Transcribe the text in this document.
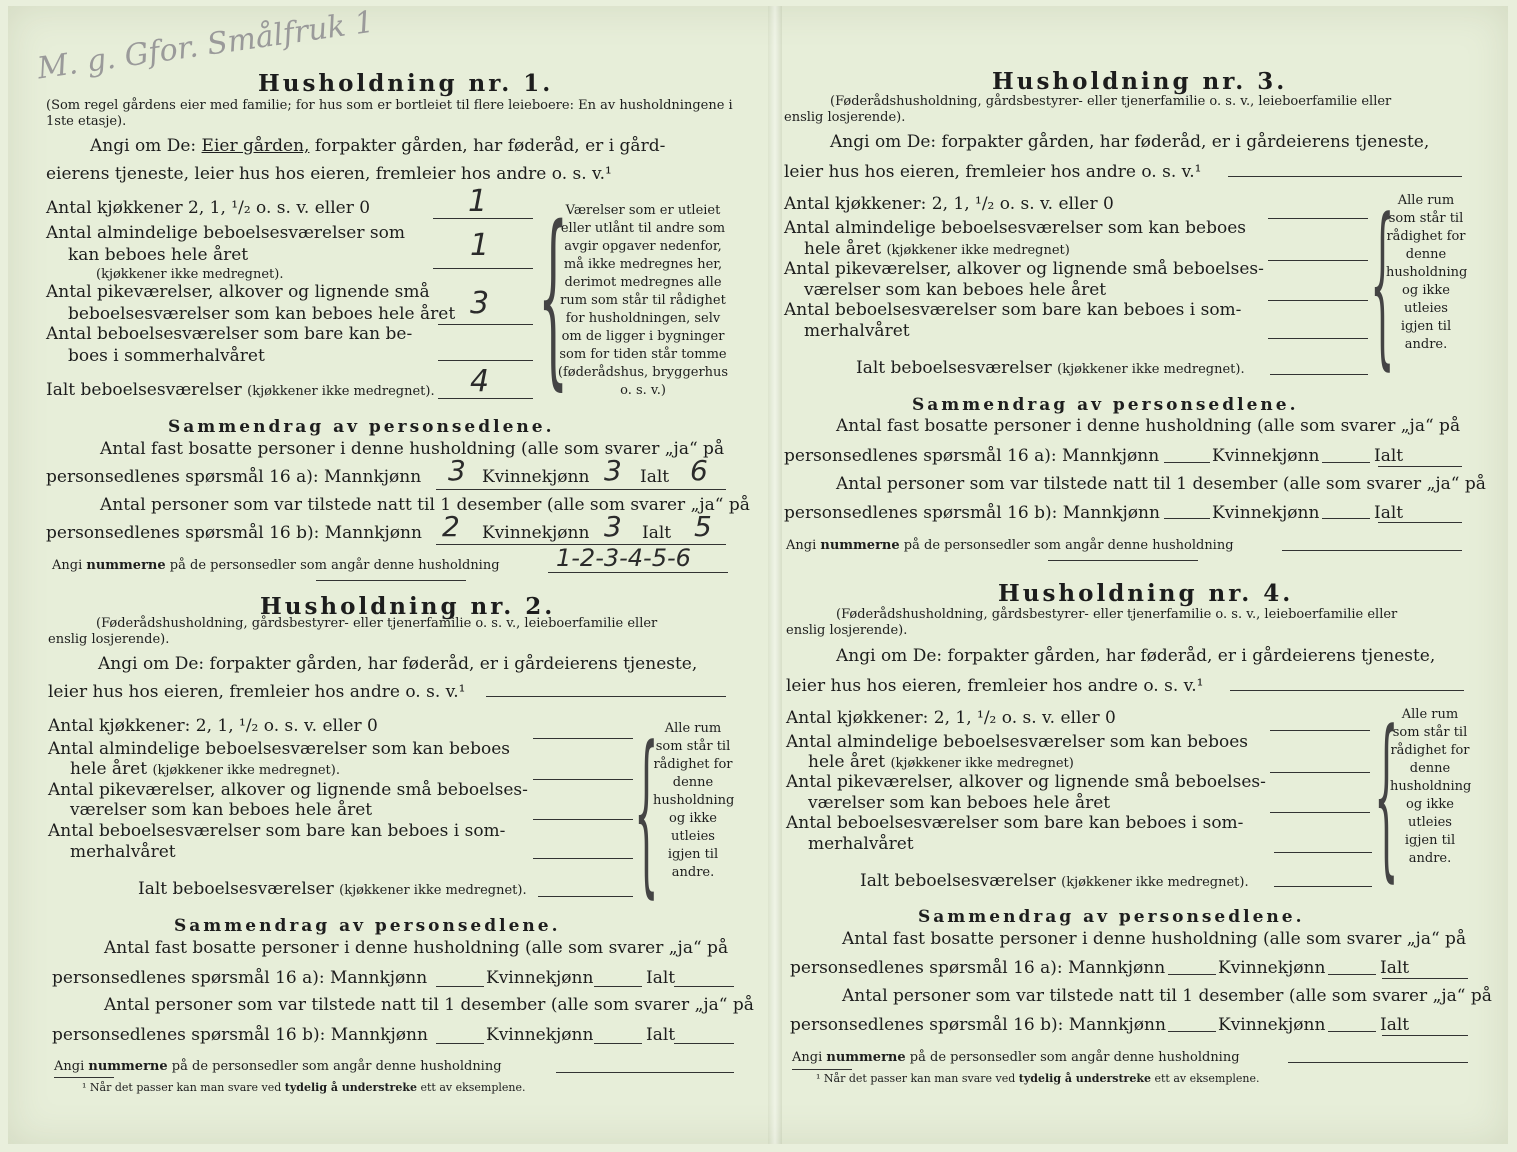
M. g. Gfor. Smålfruk 1
Husholdning nr. 1.
(Som regel gårdens eier med familie; for hus som er bortleiet til flere leieboere: En av husholdningene i 1ste etasje).
Angi om De: Eier gården, forpakter gården, har føderåd, er i gård-
eierens tjeneste, leier hus hos eieren, fremleier hos andre o. s. v.¹
Antal kjøkkener 2, 1, ¹/₂ o. s. v. eller 0	1
Antal almindelige beboelsesværelser som
kan beboes hele året	1
(kjøkkener ikke medregnet).
Antal pikeværelser, alkover og lignende små
beboelsesværelser som kan beboes hele året 3
Antal beboelsesværelser som bare kan be-
boes i sommerhalvåret
Ialt beboelsesværelser (kjøkkener ikke medregnet). 4 {
Værelser som er utleiet eller utlånt til andre som avgir opgaver nedenfor, må ikke medregnes her, derimot medregnes alle rum som står til rådighet for husholdningen, selv om de ligger i bygninger som for tiden står tomme (føderådshus, bryggerhus o. s. v.)
Sammendrag av personsedlene.
Antal fast bosatte personer i denne husholdning (alle som svarer „ja“ på
personsedlenes spørsmål 16 a): Mannkjønn 3 Kvinnekjønn 3 Ialt 6
Antal personer som var tilstede natt til 1 desember (alle som svarer „ja“ på
personsedlenes spørsmål 16 b): Mannkjønn 2 Kvinnekjønn 3 Ialt 5
Angi nummerne på de personsedler som angår denne husholdning 1-2-3-4-5-6
Husholdning nr. 2.
(Føderådshusholdning, gårdsbestyrer- eller tjenerfamilie o. s. v., leieboerfamilie eller
enslig losjerende).
Angi om De: forpakter gården, har føderåd, er i gårdeierens tjeneste,
leier hus hos eieren, fremleier hos andre o. s. v.¹
Antal kjøkkener: 2, 1, ¹/₂ o. s. v. eller 0
Antal almindelige beboelsesværelser som kan beboes
hele året (kjøkkener ikke medregnet).
Antal pikeværelser, alkover og lignende små beboelses-
værelser som kan beboes hele året
Antal beboelsesværelser som bare kan beboes i som-
merhalvåret
Ialt beboelsesværelser (kjøkkener ikke medregnet). { Alle rum som står til rådighet for denne husholdning og ikke utleies igjen til andre.
Sammendrag av personsedlene.
Antal fast bosatte personer i denne husholdning (alle som svarer „ja“ på
personsedlenes spørsmål 16 a): Mannkjønn	Kvinnekjønn	Ialt
Antal personer som var tilstede natt til 1 desember (alle som svarer „ja“ på
personsedlenes spørsmål 16 b): Mannkjønn	Kvinnekjønn	Ialt
Angi nummerne på de personsedler som angår denne husholdning
¹ Når det passer kan man svare ved tydelig å understreke ett av eksemplene.
Husholdning nr. 3.
(Føderådshusholdning, gårdsbestyrer- eller tjenerfamilie o. s. v., leieboerfamilie eller
enslig losjerende).
Angi om De: forpakter gården, har føderåd, er i gårdeierens tjeneste,
leier hus hos eieren, fremleier hos andre o. s. v.¹
Antal kjøkkener: 2, 1, ¹/₂ o. s. v. eller 0
Antal almindelige beboelsesværelser som kan beboes
hele året (kjøkkener ikke medregnet)
Antal pikeværelser, alkover og lignende små beboelses-
værelser som kan beboes hele året
Antal beboelsesværelser som bare kan beboes i som-
merhalvåret
Ialt beboelsesværelser (kjøkkener ikke medregnet). { Alle rum som står til rådighet for denne husholdning og ikke utleies igjen til andre.
Sammendrag av personsedlene.
Antal fast bosatte personer i denne husholdning (alle som svarer „ja“ på
personsedlenes spørsmål 16 a): Mannkjønn	Kvinnekjønn	Ialt
Antal personer som var tilstede natt til 1 desember (alle som svarer „ja“ på
personsedlenes spørsmål 16 b): Mannkjønn	Kvinnekjønn	Ialt
Angi nummerne på de personsedler som angår denne husholdning
Husholdning nr. 4.
(Føderådshusholdning, gårdsbestyrer- eller tjenerfamilie o. s. v., leieboerfamilie eller
enslig losjerende).
Angi om De: forpakter gården, har føderåd, er i gårdeierens tjeneste,
leier hus hos eieren, fremleier hos andre o. s. v.¹
Antal kjøkkener: 2, 1, ¹/₂ o. s. v. eller 0
Antal almindelige beboelsesværelser som kan beboes
hele året (kjøkkener ikke medregnet)
Antal pikeværelser, alkover og lignende små beboelses-
værelser som kan beboes hele året
Antal beboelsesværelser som bare kan beboes i som-
merhalvåret
Ialt beboelsesværelser (kjøkkener ikke medregnet). { Alle rum som står til rådighet for denne husholdning og ikke utleies igjen til andre.
Sammendrag av personsedlene.
Antal fast bosatte personer i denne husholdning (alle som svarer „ja“ på
personsedlenes spørsmål 16 a): Mannkjønn	Kvinnekjønn	Ialt
Antal personer som var tilstede natt til 1 desember (alle som svarer „ja“ på
personsedlenes spørsmål 16 b): Mannkjønn	Kvinnekjønn	Ialt
Angi nummerne på de personsedler som angår denne husholdning
¹ Når det passer kan man svare ved tydelig å understreke ett av eksemplene.
